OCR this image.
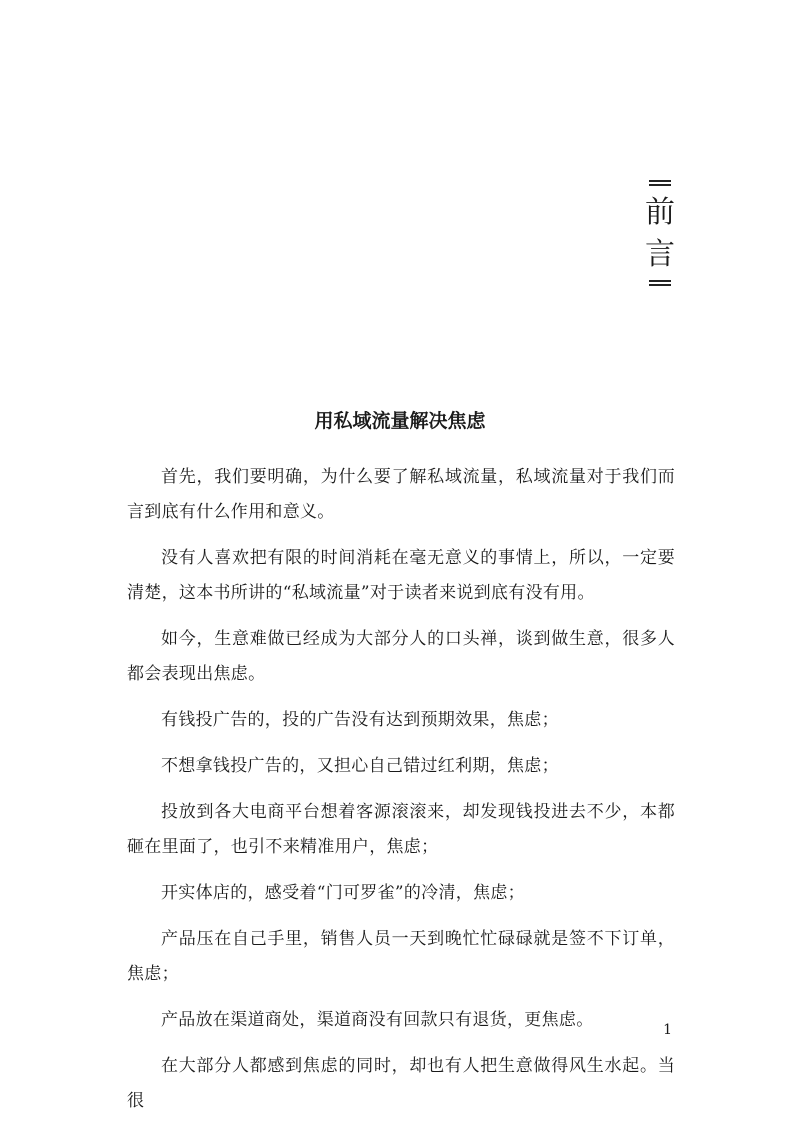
前言
用私域流量解决焦虑

首先，我们要明确，为什么要了解私域流量，私域流量对于我们而言到底有什么作用和意义。

没有人喜欢把有限的时间消耗在毫无意义的事情上，所以，一定要清楚，这本书所讲的“私域流量”对于读者来说到底有没有用。

如今，生意难做已经成为大部分人的口头禅，谈到做生意，很多人都会表现出焦虑。

有钱投广告的，投的广告没有达到预期效果，焦虑；

不想拿钱投广告的，又担心自己错过红利期，焦虑；

投放到各大电商平台想着客源滚滚来，却发现钱投进去不少，本都砸在里面了，也引不来精准用户，焦虑；

开实体店的，感受着“门可罗雀”的冷清，焦虑；

产品压在自己手里，销售人员一天到晚忙忙碌碌就是签不下订单，焦虑；

产品放在渠道商处，渠道商没有回款只有退货，更焦虑。

在大部分人都感到焦虑的同时，却也有人把生意做得风生水起。当很

1
